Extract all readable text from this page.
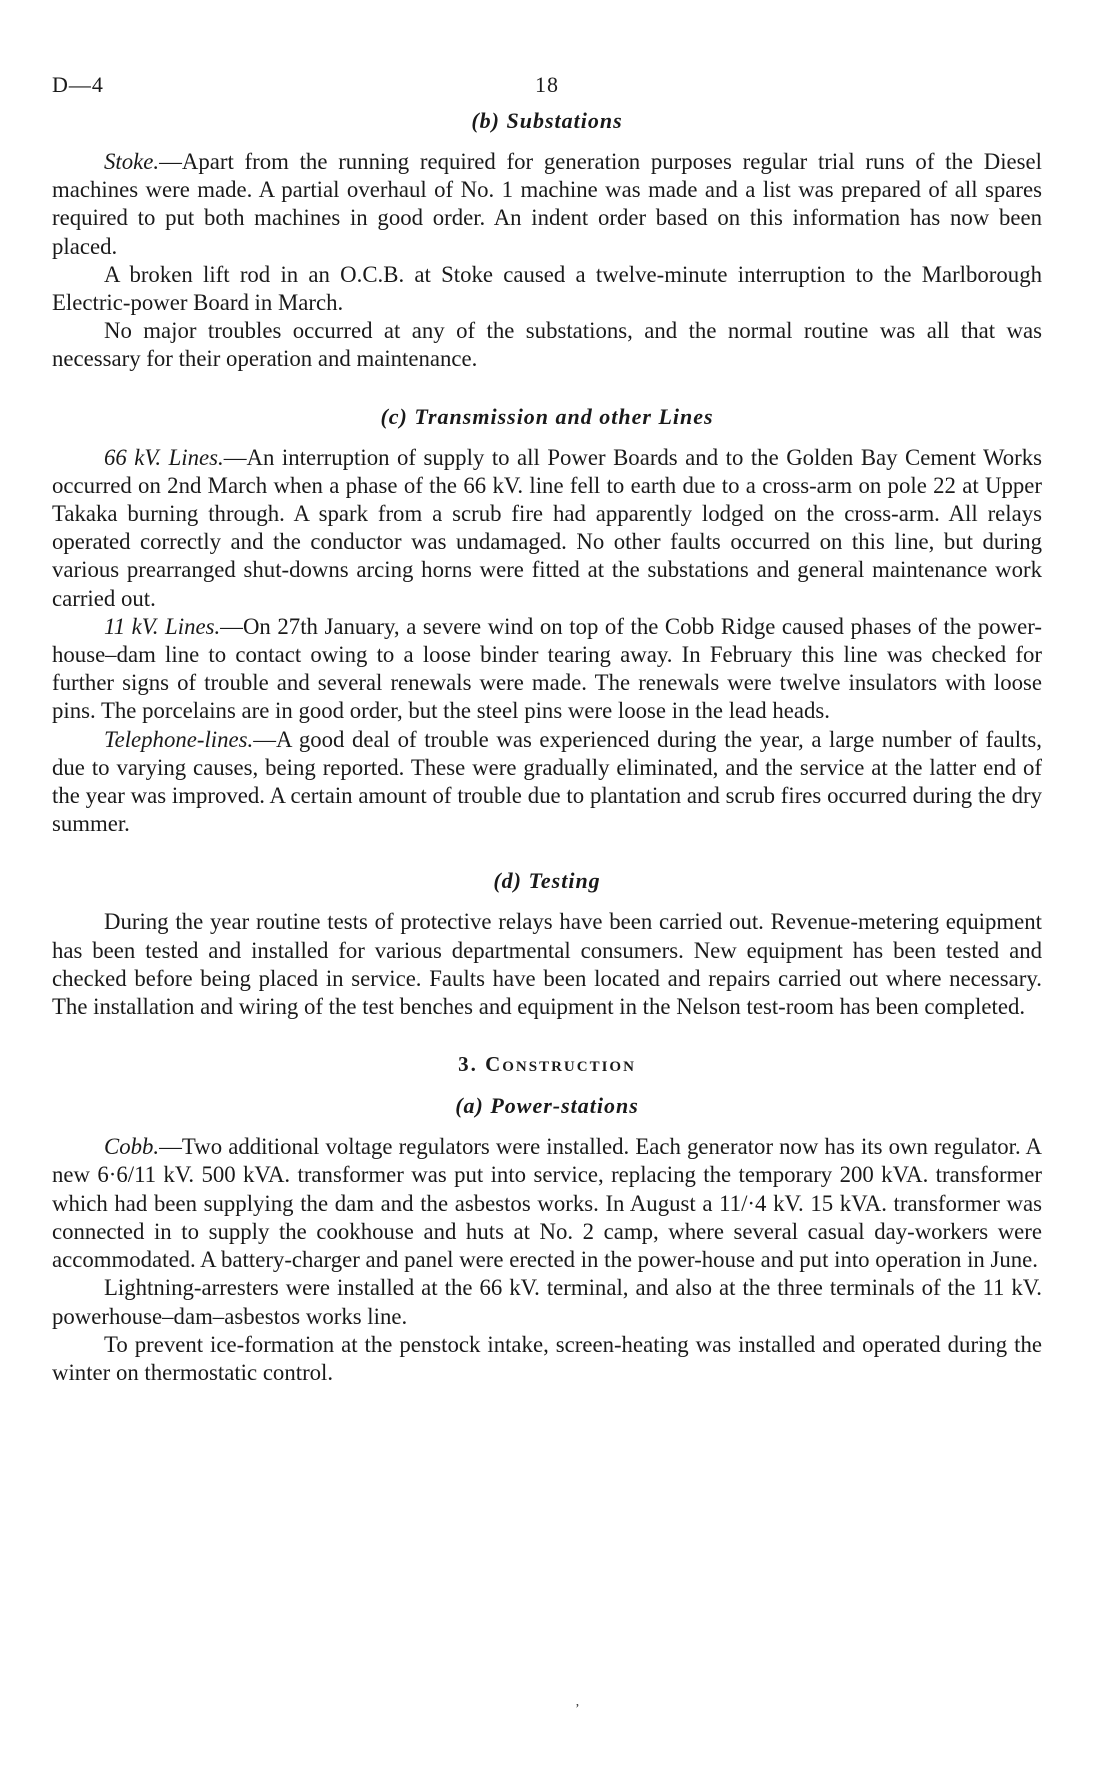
D—4	18
(b) Substations

Stoke.—Apart from the running required for generation purposes regular trial runs of the Diesel machines were made. A partial overhaul of No. 1 machine was made and a list was prepared of all spares required to put both machines in good order. An indent order based on this information has now been placed.

A broken lift rod in an O.C.B. at Stoke caused a twelve-minute interruption to the Marlborough Electric-power Board in March.

No major troubles occurred at any of the substations, and the normal routine was all that was necessary for their operation and maintenance.

(c) Transmission and other Lines

66 kV. Lines.—An interruption of supply to all Power Boards and to the Golden Bay Cement Works occurred on 2nd March when a phase of the 66 kV. line fell to earth due to a cross-arm on pole 22 at Upper Takaka burning through. A spark from a scrub fire had apparently lodged on the cross-arm. All relays operated correctly and the conductor was undamaged. No other faults occurred on this line, but during various prearranged shut-downs arcing horns were fitted at the substations and general maintenance work carried out.

11 kV. Lines.—On 27th January, a severe wind on top of the Cobb Ridge caused phases of the power-house–dam line to contact owing to a loose binder tearing away. In February this line was checked for further signs of trouble and several renewals were made. The renewals were twelve insulators with loose pins. The porcelains are in good order, but the steel pins were loose in the lead heads.

Telephone-lines.—A good deal of trouble was experienced during the year, a large number of faults, due to varying causes, being reported. These were gradually eliminated, and the service at the latter end of the year was improved. A certain amount of trouble due to plantation and scrub fires occurred during the dry summer.

(d) Testing

During the year routine tests of protective relays have been carried out. Revenue-metering equipment has been tested and installed for various departmental consumers. New equipment has been tested and checked before being placed in service. Faults have been located and repairs carried out where necessary. The installation and wiring of the test benches and equipment in the Nelson test-room has been completed.

3. Construction
(a) Power-stations

Cobb.—Two additional voltage regulators were installed. Each generator now has its own regulator. A new 6·6/11 kV. 500 kVA. transformer was put into service, replacing the temporary 200 kVA. transformer which had been supplying the dam and the asbestos works. In August a 11/·4 kV. 15 kVA. transformer was connected in to supply the cookhouse and huts at No. 2 camp, where several casual day-workers were accommodated. A battery-charger and panel were erected in the power-house and put into operation in June.

Lightning-arresters were installed at the 66 kV. terminal, and also at the three terminals of the 11 kV. powerhouse–dam–asbestos works line.

To prevent ice-formation at the penstock intake, screen-heating was installed and operated during the winter on thermostatic control.

ʼ
